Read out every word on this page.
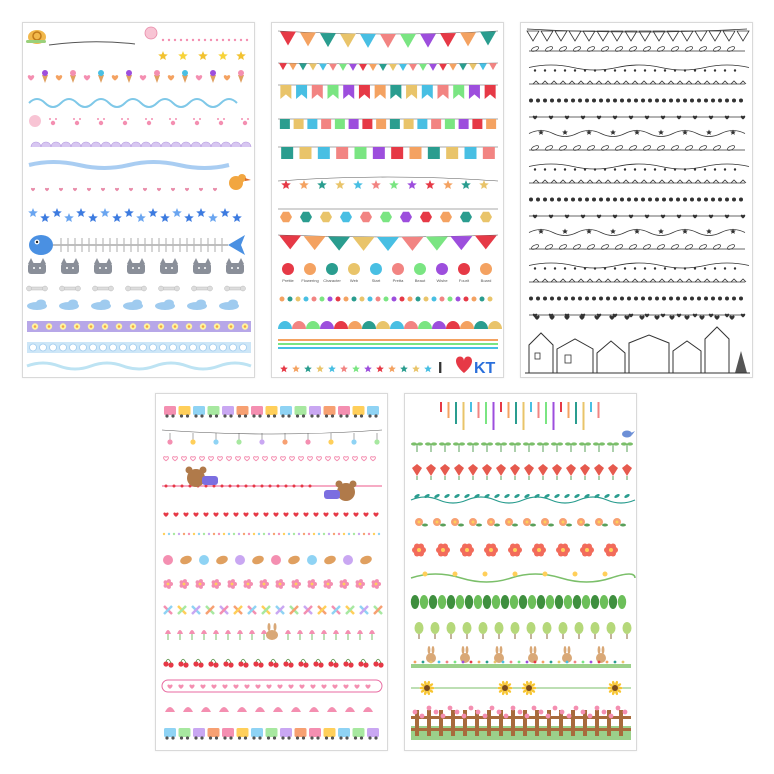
Prettie Flowering Character Web	Start	Pretta	Beaut	Wishe	Fourit	Board
I KT
